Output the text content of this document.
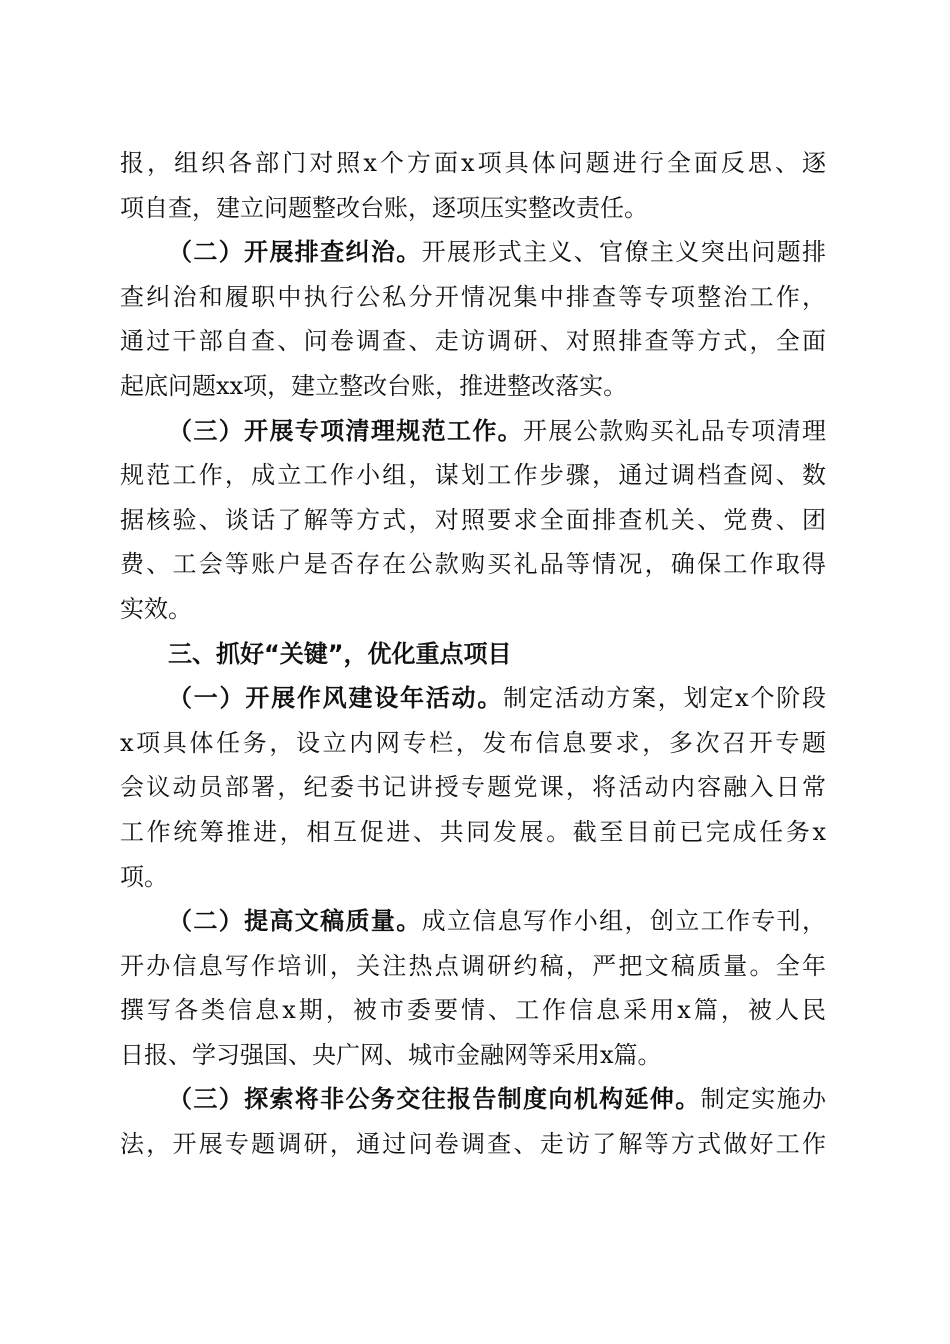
报，组织各部门对照x个方面x项具体问题进行全面反思、逐
项自查，建立问题整改台账，逐项压实整改责任。
（二）开展排查纠治。开展形式主义、官僚主义突出问题排
查纠治和履职中执行公私分开情况集中排查等专项整治工作，
通过干部自查、问卷调查、走访调研、对照排查等方式，全面
起底问题xx项，建立整改台账，推进整改落实。
（三）开展专项清理规范工作。开展公款购买礼品专项清理
规范工作，成立工作小组，谋划工作步骤，通过调档查阅、数
据核验、谈话了解等方式，对照要求全面排查机关、党费、团
费、工会等账户是否存在公款购买礼品等情况，确保工作取得
实效。
三、抓好“关键”，优化重点项目
（一）开展作风建设年活动。制定活动方案，划定x个阶段
x项具体任务，设立内网专栏，发布信息要求，多次召开专题
会议动员部署，纪委书记讲授专题党课，将活动内容融入日常
工作统筹推进，相互促进、共同发展。截至目前已完成任务x
项。
（二）提高文稿质量。成立信息写作小组，创立工作专刊，
开办信息写作培训，关注热点调研约稿，严把文稿质量。全年
撰写各类信息x期，被市委要情、工作信息采用x篇，被人民
日报、学习强国、央广网、城市金融网等采用x篇。
（三）探索将非公务交往报告制度向机构延伸。制定实施办
法，开展专题调研，通过问卷调查、走访了解等方式做好工作
